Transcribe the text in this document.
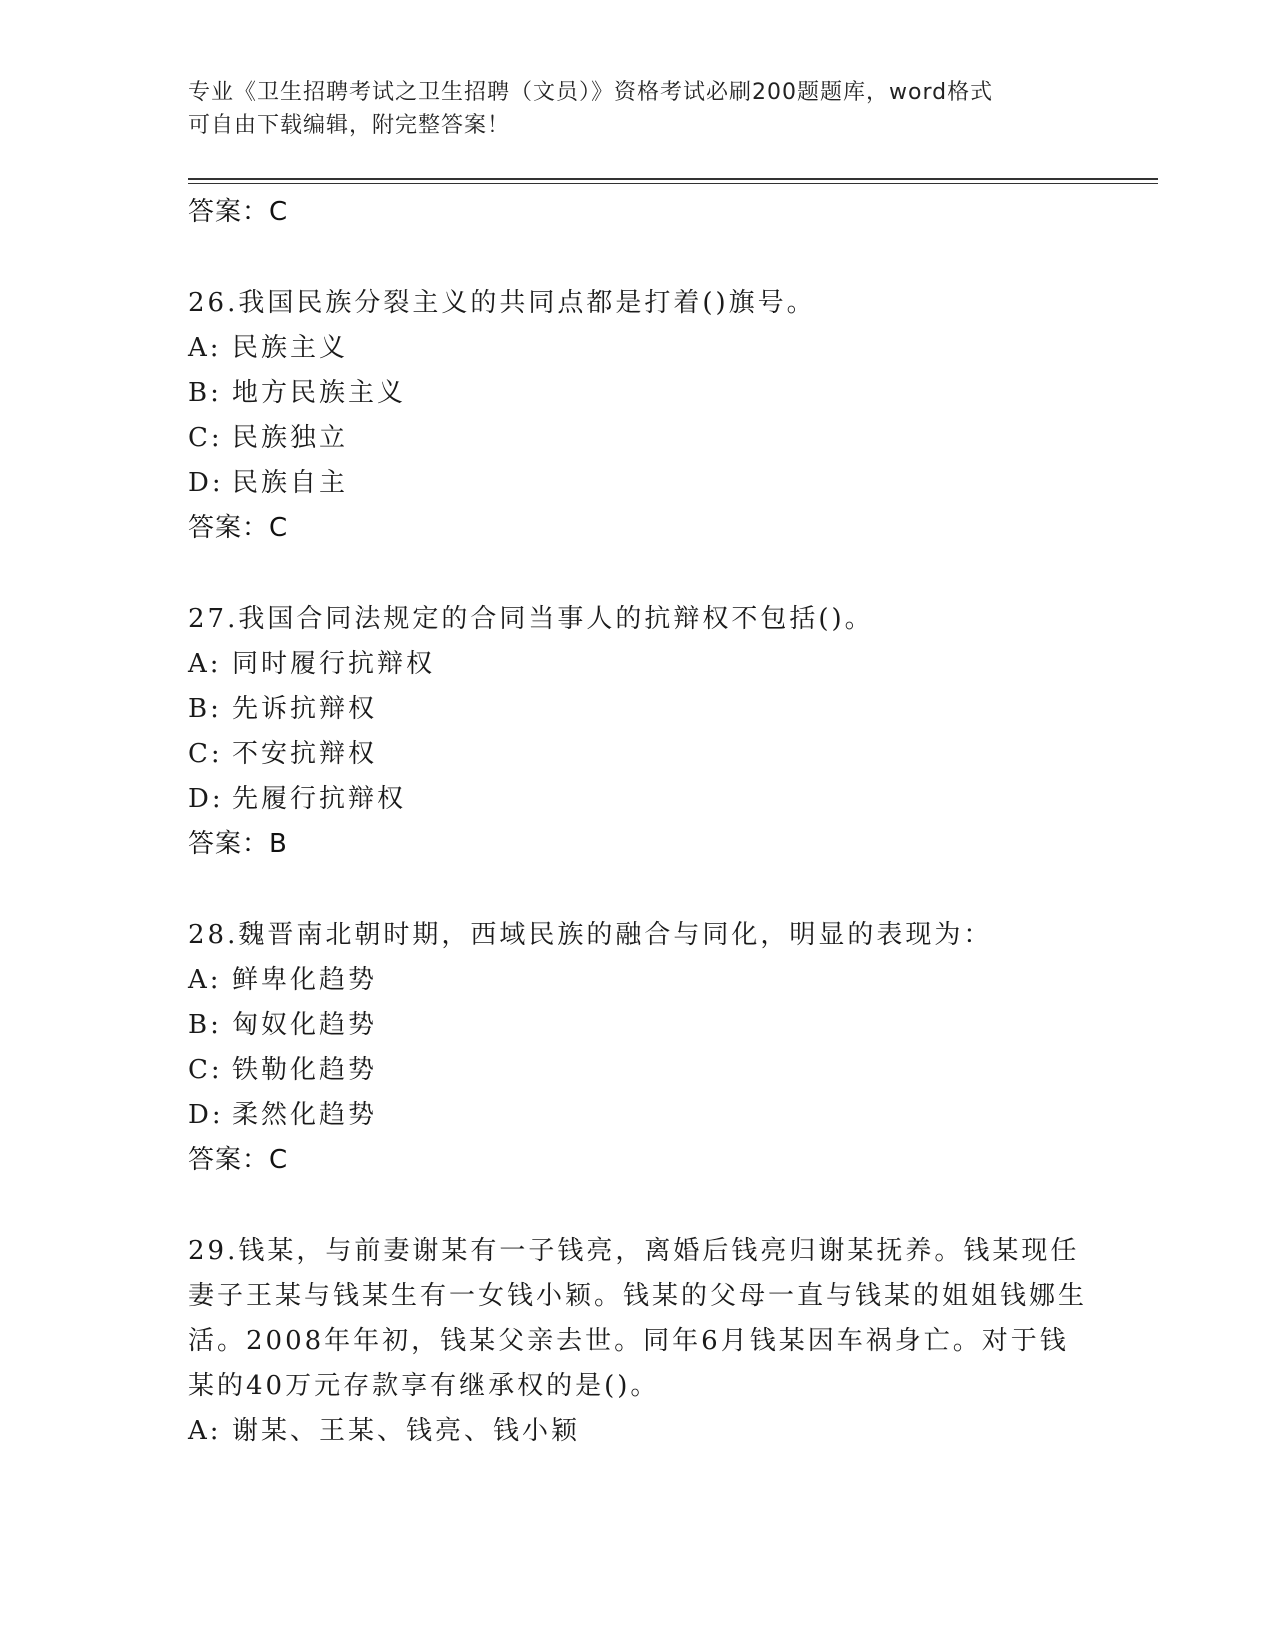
专业《卫生招聘考试之卫生招聘（文员）》资格考试必刷200题题库，word格式
可自由下载编辑，附完整答案！
答案：C
26.我国民族分裂主义的共同点都是打着()旗号。
A: 民族主义
B: 地方民族主义
C: 民族独立
D: 民族自主
答案：C
27.我国合同法规定的合同当事人的抗辩权不包括()。
A: 同时履行抗辩权
B: 先诉抗辩权
C: 不安抗辩权
D: 先履行抗辩权
答案：B
28.魏晋南北朝时期，西域民族的融合与同化，明显的表现为：
A: 鲜卑化趋势
B: 匈奴化趋势
C: 铁勒化趋势
D: 柔然化趋势
答案：C
29.钱某，与前妻谢某有一子钱亮，离婚后钱亮归谢某抚养。钱某现任妻子王某与钱某生有一女钱小颖。钱某的父母一直与钱某的姐姐钱娜生活。2008年年初，钱某父亲去世。同年6月钱某因车祸身亡。对于钱某的40万元存款享有继承权的是()。
A: 谢某、王某、钱亮、钱小颖
